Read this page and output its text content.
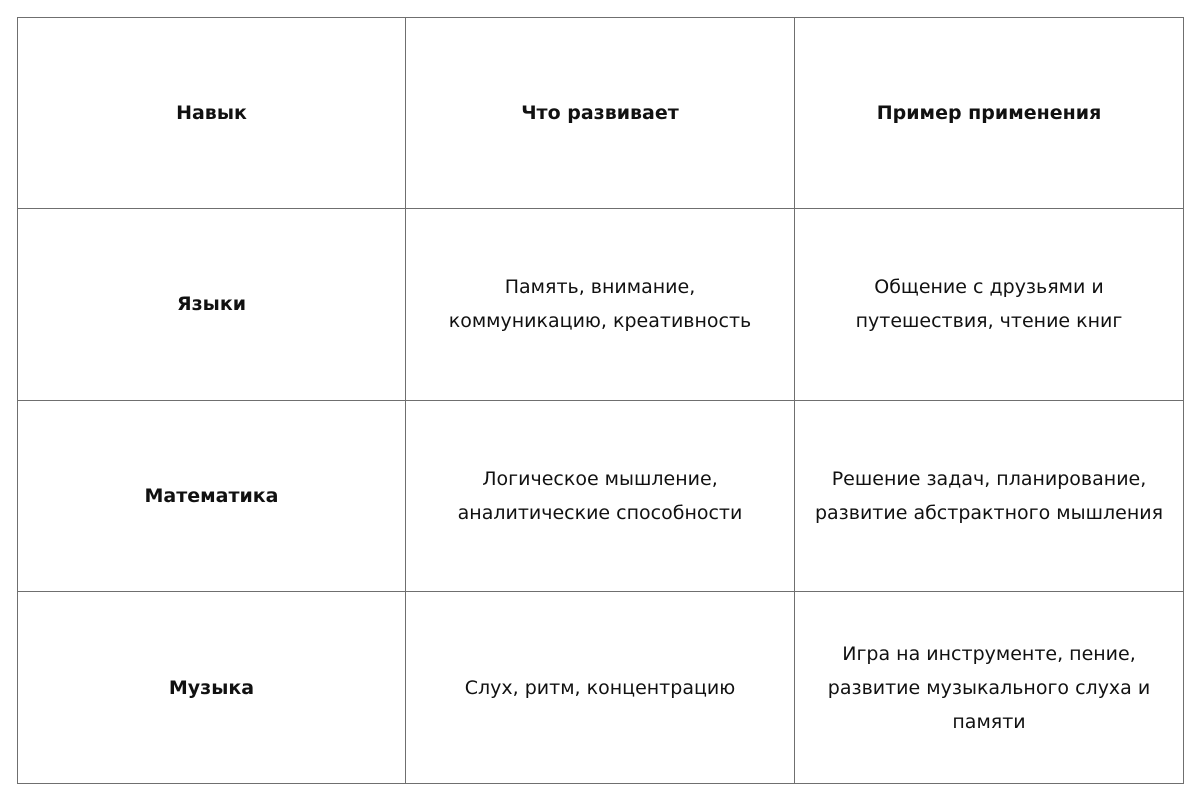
Навык	Что развивает	Пример применения
Языки	Память, внимание, коммуникацию, креативность	Общение с друзьями и путешествия, чтение книг
Математика	Логическое мышление, аналитические способности	Решение задач, планирование, развитие абстрактного мышления
Музыка	Слух, ритм, концентрацию	Игра на инструменте, пение, развитие музыкального слуха и памяти
